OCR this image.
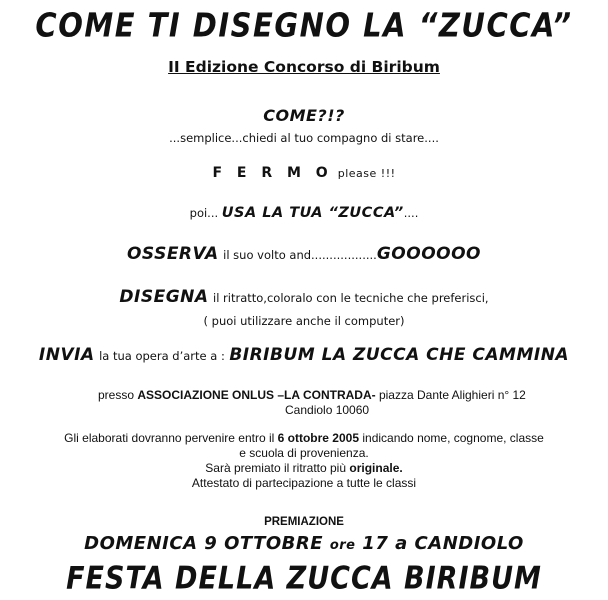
COME TI DISEGNO LA “ZUCCA”
II Edizione Concorso di Biribum
COME?!?
...semplice...chiedi al tuo compagno di stare....
F E R M O please !!!
poi... USA LA TUA “ZUCCA”....
OSSERVA il suo volto and..................GOOOOOO
DISEGNA il ritratto,coloralo con le tecniche che preferisci,
( puoi utilizzare anche il computer)
INVIA la tua opera d’arte a : BIRIBUM LA ZUCCA CHE CAMMINA
presso ASSOCIAZIONE ONLUS –LA CONTRADA- piazza Dante Alighieri n° 12
Candiolo 10060
Gli elaborati dovranno pervenire entro il 6 ottobre 2005 indicando nome, cognome, classe
e scuola di provenienza.
Sarà premiato il ritratto più originale.
Attestato di partecipazione a tutte le classi
PREMIAZIONE
DOMENICA 9 OTTOBRE ore 17 a CANDIOLO
FESTA DELLA ZUCCA BIRIBUM
